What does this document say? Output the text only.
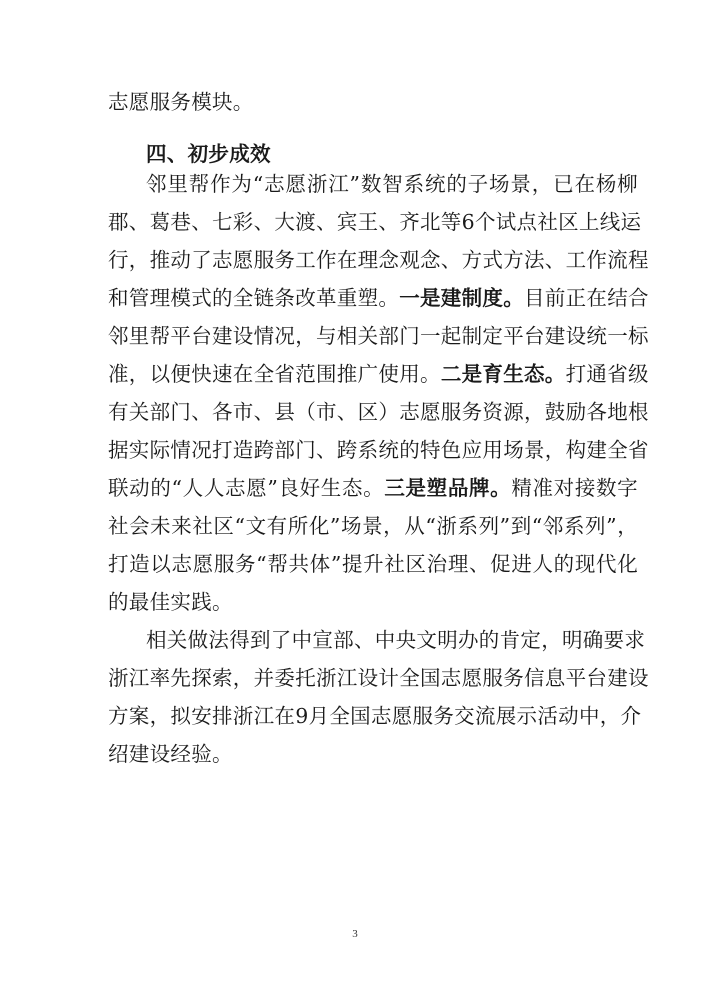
志愿服务模块。
四、初步成效
邻里帮作为“志愿浙江”数智系统的子场景，已在杨柳
郡、葛巷、七彩、大渡、宾王、齐北等6个试点社区上线运
行，推动了志愿服务工作在理念观念、方式方法、工作流程
和管理模式的全链条改革重塑。一是建制度。目前正在结合
邻里帮平台建设情况，与相关部门一起制定平台建设统一标
准，以便快速在全省范围推广使用。二是育生态。打通省级
有关部门、各市、县（市、区）志愿服务资源，鼓励各地根
据实际情况打造跨部门、跨系统的特色应用场景，构建全省
联动的“人人志愿”良好生态。三是塑品牌。精准对接数字
社会未来社区“文有所化”场景，从“浙系列”到“邻系列”，
打造以志愿服务“帮共体”提升社区治理、促进人的现代化
的最佳实践。
相关做法得到了中宣部、中央文明办的肯定，明确要求
浙江率先探索，并委托浙江设计全国志愿服务信息平台建设
方案，拟安排浙江在9月全国志愿服务交流展示活动中，介
绍建设经验。
3
